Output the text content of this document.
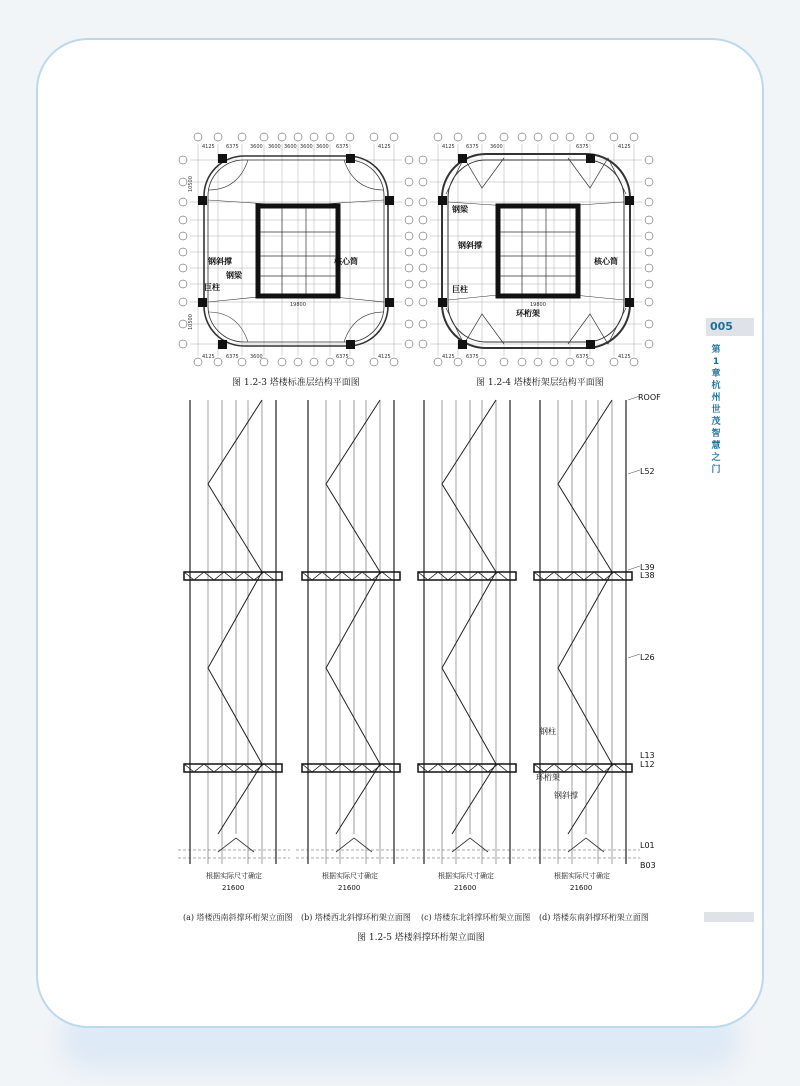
005
第1章 杭州世茂智慧之门
4125 6375 3600 3600 3600 3600 3600 6375	4125
4125 6375 3600	6375	4125
19800
10500
10500
钢斜撑
钢梁
核心筒
巨柱
图 1.2-3 塔楼标准层结构平面图
4125 6375 3600	6375	4125
4125 6375	6375	4125
19800
钢梁
钢斜撑
核心筒
巨柱
环桁架
图 1.2-4 塔楼桁架层结构平面图
ROOF
L52
L39
L38
L26
L13
L12
L01
B03
钢柱
环桁架
钢斜撑
根据实际尺寸确定	根据实际尺寸确定	根据实际尺寸确定	根据实际尺寸确定
21600	21600	21600	21600
(a) 塔楼西南斜撑环桁架立面图 (b) 塔楼西北斜撑环桁架立面图 (c) 塔楼东北斜撑环桁架立面图 (d) 塔楼东南斜撑环桁架立面图
图 1.2-5 塔楼斜撑环桁架立面图
